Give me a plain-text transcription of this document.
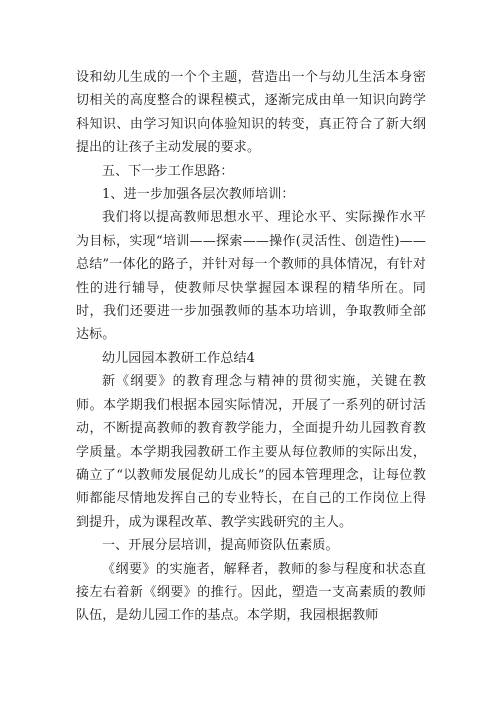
设和幼儿生成的一个个主题，营造出一个与幼儿生活本身密切相关的高度整合的课程模式，逐渐完成由单一知识向跨学科知识、由学习知识向体验知识的转变，真正符合了新大纲提出的让孩子主动发展的要求。

五、下一步工作思路：

1、进一步加强各层次教师培训：

我们将以提高教师思想水平、理论水平、实际操作水平为目标，实现“培训——探索——操作(灵活性、创造性)——总结”一体化的路子，并针对每一个教师的具体情况，有针对性的进行辅导，使教师尽快掌握园本课程的精华所在。同时，我们还要进一步加强教师的基本功培训，争取教师全部达标。

幼儿园园本教研工作总结4

新《纲要》的教育理念与精神的贯彻实施，关键在教师。本学期我们根据本园实际情况，开展了一系列的研讨活动，不断提高教师的教育教学能力，全面提升幼儿园教育教学质量。本学期我园教研工作主要从每位教师的实际出发，确立了“以教师发展促幼儿成长”的园本管理理念，让每位教师都能尽情地发挥自己的专业特长，在自己的工作岗位上得到提升，成为课程改革、教学实践研究的主人。

一、开展分层培训，提高师资队伍素质。

《纲要》的实施者，解释者，教师的参与程度和状态直接左右着新《纲要》的推行。因此，塑造一支高素质的教师队伍，是幼儿园工作的基点。本学期，我园根据教师
